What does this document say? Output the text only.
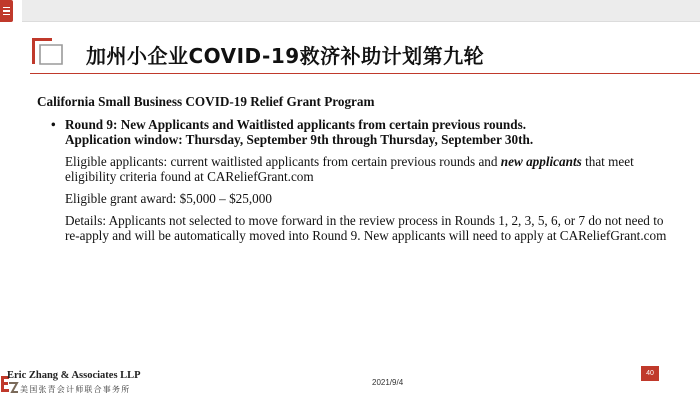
加州小企业COVID-19救济补助计划第九轮
California Small Business COVID-19 Relief Grant Program
• Round 9: New Applicants and Waitlisted applicants from certain previous rounds.
Application window: Thursday, September 9th through Thursday, September 30th.

Eligible applicants: current waitlisted applicants from certain previous rounds and new applicants that meet eligibility criteria found at CAReliefGrant.com

Eligible grant award: $5,000 – $25,000

Details: Applicants not selected to move forward in the review process in Rounds 1, 2, 3, 5, 6, or 7 do not need to re-apply and will be automatically moved into Round 9. New applicants will need to apply at CAReliefGrant.com

Eric Zhang & Associates LLP
美国张青会计师联合事务所
2021/9/4
40
